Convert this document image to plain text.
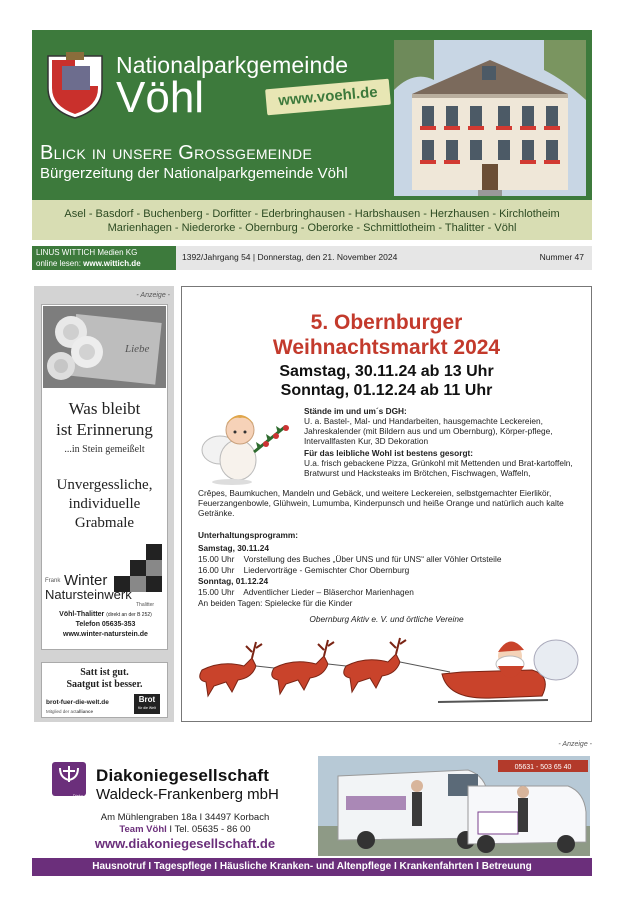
Nationalparkgemeinde
Vöhl	www.voehl.de
Blick in unsere Grossgemeinde
Bürgerzeitung der Nationalparkgemeinde Vöhl
Asel - Basdorf - Buchenberg - Dorfitter - Ederbringhausen - Harbshausen - Herzhausen - Kirchlotheim
Marienhagen - Niederorke - Obernburg - Oberorke - Schmittlotheim - Thalitter - Vöhl
LINUS WITTICH Medien KG
online lesen: www.wittich.de
1392/Jahrgang 54 | Donnerstag, den 21. November 2024	Nummer 47
- Anzeige -
Liebe
Was bleibt
ist Erinnerung
...in Stein gemeißelt
Unvergessliche,
individuelle
Grabmale
Frank Winter
Natursteinwerk
Thalitter
Vöhl-Thalitter (direkt an der B 252)
Telefon 05635-353
www.winter-naturstein.de
Satt ist gut.
Saatgut ist besser.
brot-fuer-die-welt.de
Mitglied der actalliance
Brot
für die Welt
5. Obernburger
Weihnachtsmarkt 2024
Samstag, 30.11.24 ab 13 Uhr
Sonntag, 01.12.24 ab 11 Uhr
Stände im und um´s DGH:
U. a. Bastel-, Mal- und Handarbeiten, hausgemachte Leckereien, Jahreskalender (mit Bildern aus und um Obernburg), Körper-pflege, Intervallfasten Kur, 3D Dekoration
Für das leibliche Wohl ist bestens gesorgt:
U.a. frisch gebackene Pizza, Grünkohl mit Mettenden und Brat-kartoffeln,
Bratwurst und Hacksteaks im Brötchen, Fischwagen, Waffeln,
Crêpes, Baumkuchen, Mandeln und Gebäck, und weitere Leckereien, selbstgemachter Eierlikör, Feuerzangenbowle, Glühwein, Lumumba, Kinderpunsch und heiße Orange und natürlich auch kalte Getränke.
Unterhaltungsprogramm:
Samstag, 30.11.24
15.00 Uhr    Vorstellung des Buches „Über UNS und für UNS“ aller Vöhler Ortsteile
16.00 Uhr    Liedervorträge - Gemischter Chor Obernburg
Sonntag, 01.12.24
15.00 Uhr    Adventlicher Lieder – Bläserchor Marienhagen
An beiden Tagen: Spielecke für die Kinder
Obernburg Aktiv e. V. und örtliche Vereine
- Anzeige -
Diako
Diakoniegesellschaft
Waldeck-Frankenberg mbH
Am Mühlengraben 18a I 34497 Korbach
Team Vöhl I Tel. 05635 - 86 00
www.diakoniegesellschaft.de
05631 - 503 65 40
Hausnotruf I Tagespflege I Häusliche Kranken- und Altenpflege I Krankenfahrten I Betreuung
